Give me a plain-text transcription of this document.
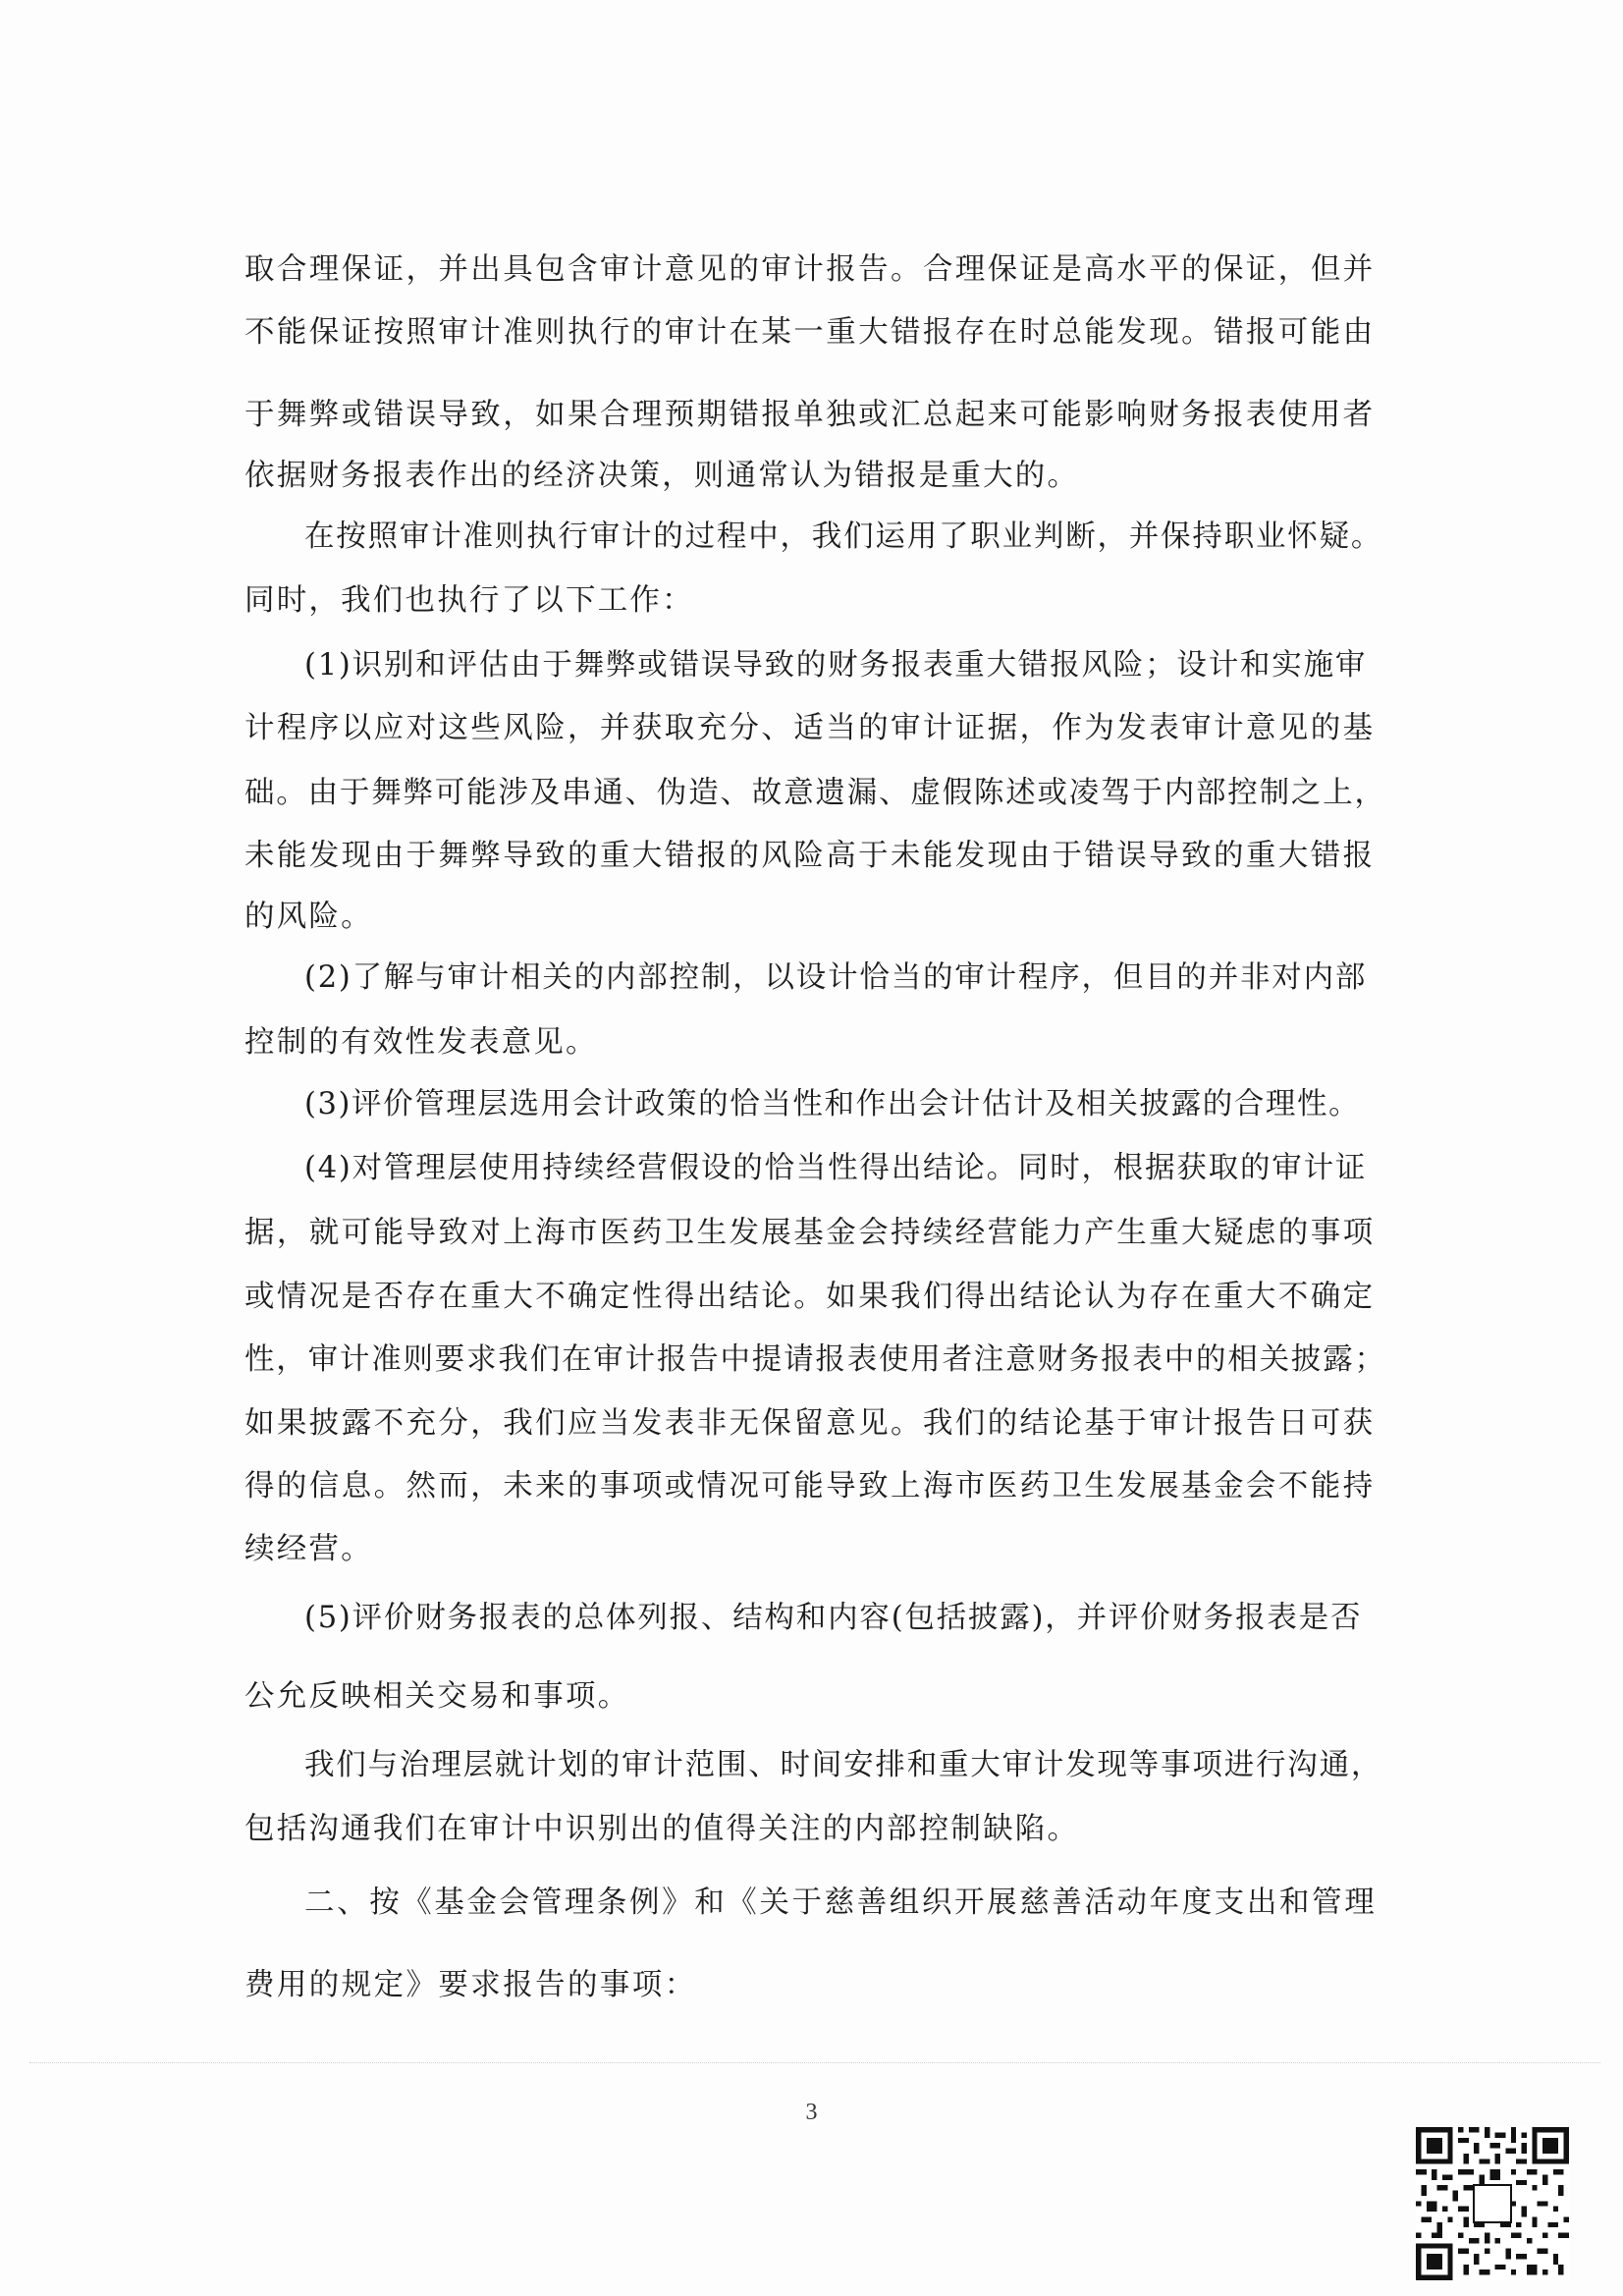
取合理保证，并出具包含审计意见的审计报告。合理保证是高水平的保证，但并
不能保证按照审计准则执行的审计在某一重大错报存在时总能发现。错报可能由
于舞弊或错误导致，如果合理预期错报单独或汇总起来可能影响财务报表使用者
依据财务报表作出的经济决策，则通常认为错报是重大的。
在按照审计准则执行审计的过程中，我们运用了职业判断，并保持职业怀疑。
同时，我们也执行了以下工作：
(1)识别和评估由于舞弊或错误导致的财务报表重大错报风险；设计和实施审
计程序以应对这些风险，并获取充分、适当的审计证据，作为发表审计意见的基
础。由于舞弊可能涉及串通、伪造、故意遗漏、虚假陈述或凌驾于内部控制之上，
未能发现由于舞弊导致的重大错报的风险高于未能发现由于错误导致的重大错报
的风险。
(2)了解与审计相关的内部控制，以设计恰当的审计程序，但目的并非对内部
控制的有效性发表意见。
(3)评价管理层选用会计政策的恰当性和作出会计估计及相关披露的合理性。
(4)对管理层使用持续经营假设的恰当性得出结论。同时，根据获取的审计证
据，就可能导致对上海市医药卫生发展基金会持续经营能力产生重大疑虑的事项
或情况是否存在重大不确定性得出结论。如果我们得出结论认为存在重大不确定
性，审计准则要求我们在审计报告中提请报表使用者注意财务报表中的相关披露；
如果披露不充分，我们应当发表非无保留意见。我们的结论基于审计报告日可获
得的信息。然而，未来的事项或情况可能导致上海市医药卫生发展基金会不能持
续经营。
(5)评价财务报表的总体列报、结构和内容(包括披露)，并评价财务报表是否
公允反映相关交易和事项。
我们与治理层就计划的审计范围、时间安排和重大审计发现等事项进行沟通，
包括沟通我们在审计中识别出的值得关注的内部控制缺陷。
二、按《基金会管理条例》和《关于慈善组织开展慈善活动年度支出和管理
费用的规定》要求报告的事项：
3
